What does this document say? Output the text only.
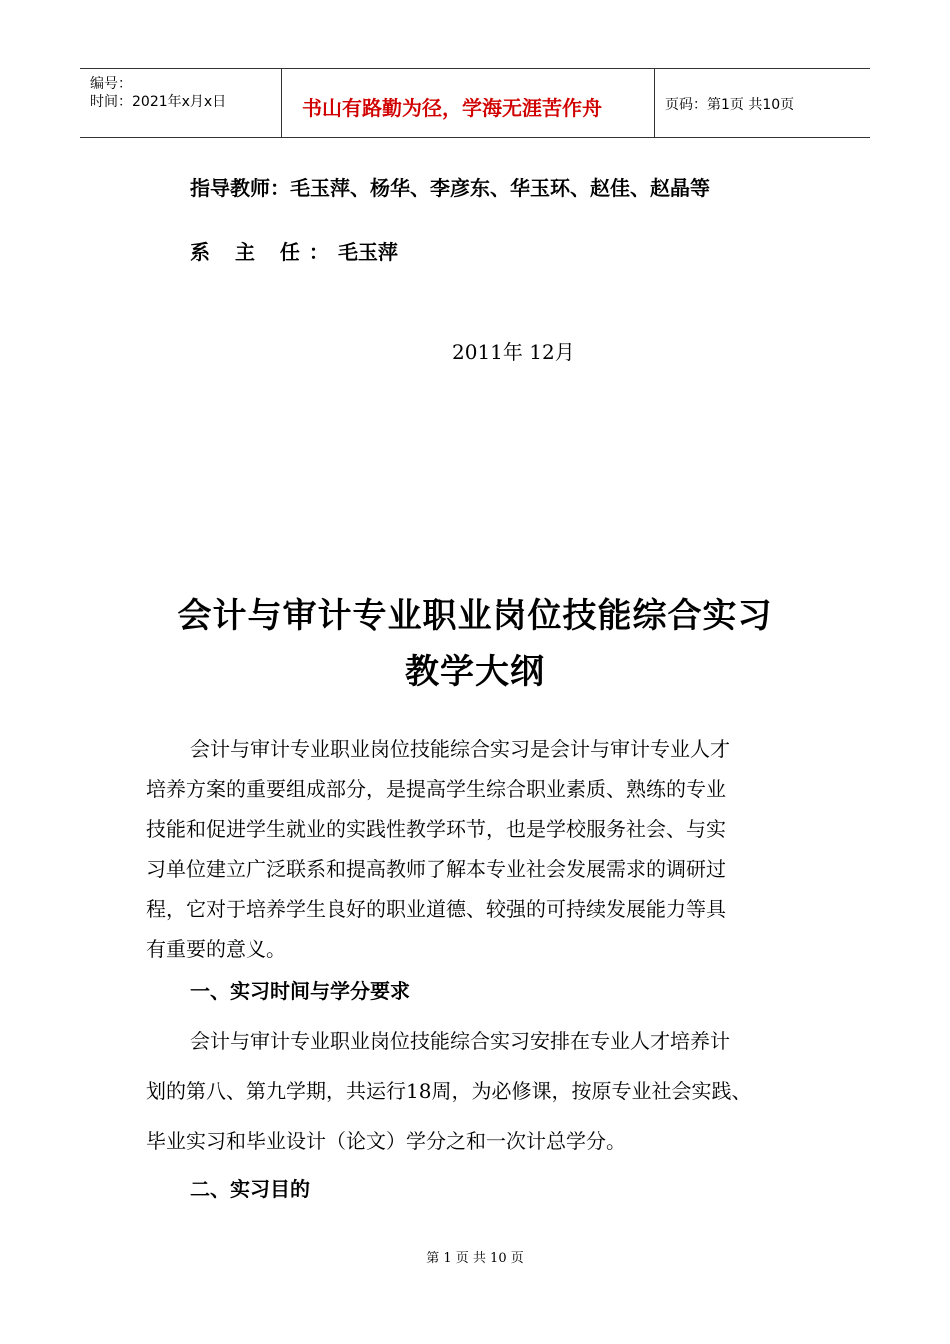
编号：
时间：2021年x月x日	书山有路勤为径，学海无涯苦作舟	页码：第1页 共10页
指导教师：毛玉萍、杨华、李彦东、华玉环、赵佳、赵晶等
系 主 任：毛玉萍
2011年 12月
会计与审计专业职业岗位技能综合实习
教学大纲
会计与审计专业职业岗位技能综合实习是会计与审计专业人才
培养方案的重要组成部分，是提高学生综合职业素质、熟练的专业
技能和促进学生就业的实践性教学环节，也是学校服务社会、与实
习单位建立广泛联系和提高教师了解本专业社会发展需求的调研过
程，它对于培养学生良好的职业道德、较强的可持续发展能力等具
有重要的意义。
一、实习时间与学分要求
会计与审计专业职业岗位技能综合实习安排在专业人才培养计
划的第八、第九学期，共运行18周，为必修课，按原专业社会实践、
毕业实习和毕业设计（论文）学分之和一次计总学分。
二、实习目的
第 1 页 共 10 页
